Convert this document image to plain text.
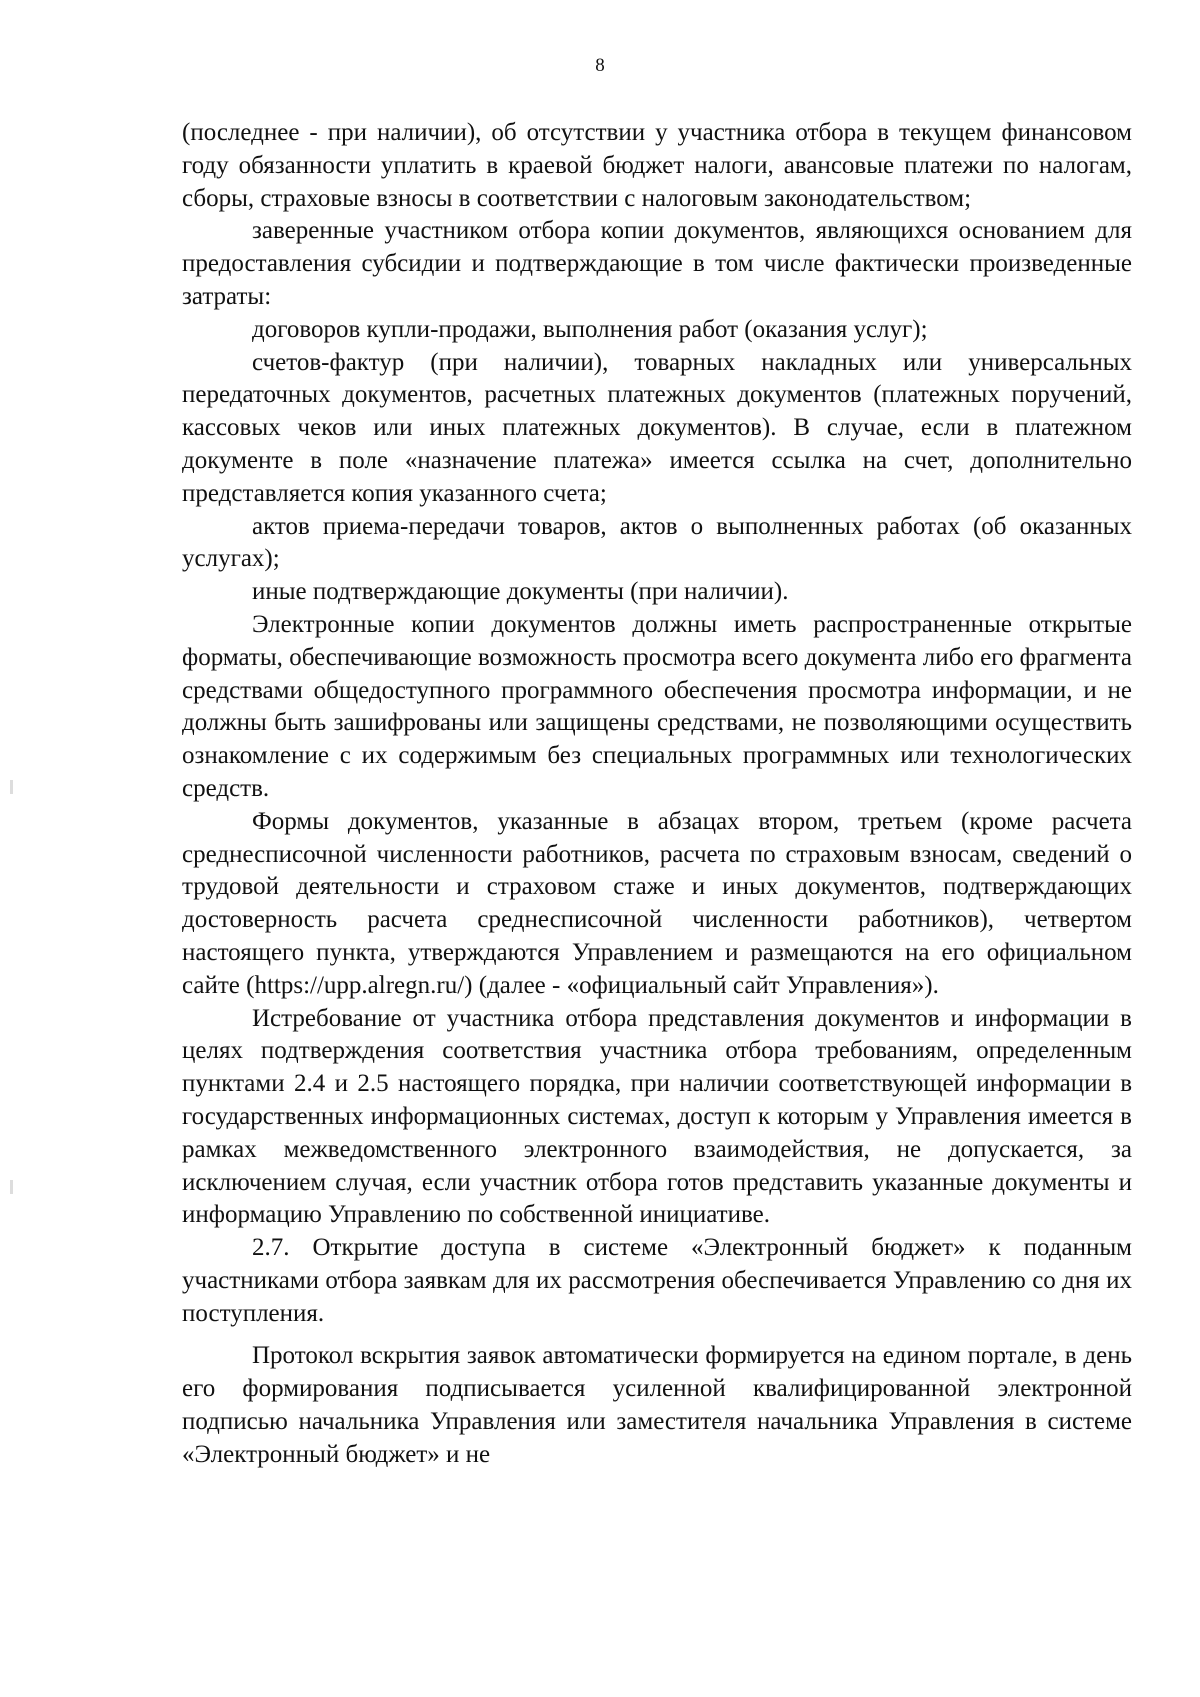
8

(последнее - при наличии), об отсутствии у участника отбора в текущем финансовом году обязанности уплатить в краевой бюджет налоги, авансовые платежи по налогам, сборы, страховые взносы в соответствии с налоговым законодательством;

заверенные участником отбора копии документов, являющихся основанием для предоставления субсидии и подтверждающие в том числе фактически произведенные затраты:

договоров купли-продажи, выполнения работ (оказания услуг);

счетов-фактур (при наличии), товарных накладных или универсальных передаточных документов, расчетных платежных документов (платежных поручений, кассовых чеков или иных платежных документов). В случае, если в платежном документе в поле «назначение платежа» имеется ссылка на счет, дополнительно представляется копия указанного счета;

актов приема-передачи товаров, актов о выполненных работах (об оказанных услугах);

иные подтверждающие документы (при наличии).

Электронные копии документов должны иметь распространенные открытые форматы, обеспечивающие возможность просмотра всего документа либо его фрагмента средствами общедоступного программного обеспечения просмотра информации, и не должны быть зашифрованы или защищены средствами, не позволяющими осуществить ознакомление с их содержимым без специальных программных или технологических средств.

Формы документов, указанные в абзацах втором, третьем (кроме расчета среднесписочной численности работников, расчета по страховым взносам, сведений о трудовой деятельности и страховом стаже и иных документов, подтверждающих достоверность расчета среднесписочной численности работников), четвертом настоящего пункта, утверждаются Управлением и размещаются на его официальном сайте (https://upp.alregn.ru/) (далее - «официальный сайт Управления»).

Истребование от участника отбора представления документов и информации в целях подтверждения соответствия участника отбора требованиям, определенным пунктами 2.4 и 2.5 настоящего порядка, при наличии соответствующей информации в государственных информационных системах, доступ к которым у Управления имеется в рамках межведомственного электронного взаимодействия, не допускается, за исключением случая, если участник отбора готов представить указанные документы и информацию Управлению по собственной инициативе.

2.7. Открытие доступа в системе «Электронный бюджет» к поданным участниками отбора заявкам для их рассмотрения обеспечивается Управлению со дня их поступления.

Протокол вскрытия заявок автоматически формируется на едином портале, в день его формирования подписывается усиленной квалифицированной электронной подписью начальника Управления или заместителя начальника Управления в системе «Электронный бюджет» и не
